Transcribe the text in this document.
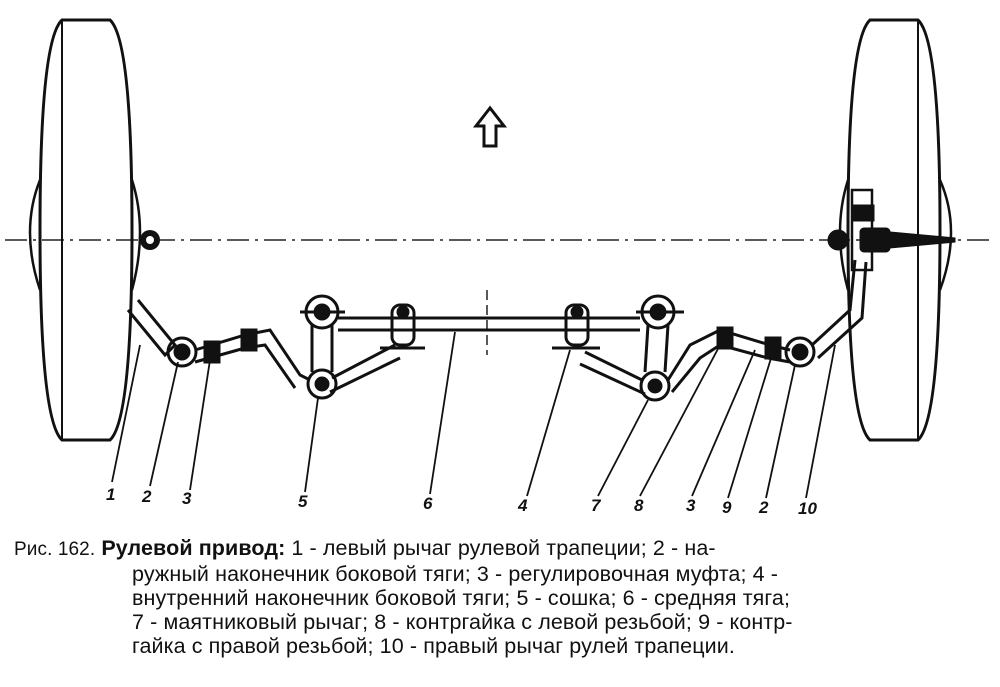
1 2 3	5	6	4	7 8	3 9 2 10
Рис. 162. Рулевой привод: 1 - левый рычаг рулевой трапеции; 2 - на-
ружный наконечник боковой тяги; 3 - регулировочная муфта; 4 -
внутренний наконечник боковой тяги; 5 - сошка; 6 - средняя тяга;
7 - маятниковый рычаг; 8 - контргайка с левой резьбой; 9 - контр-
гайка с правой резьбой; 10 - правый рычаг рулей трапеции.
